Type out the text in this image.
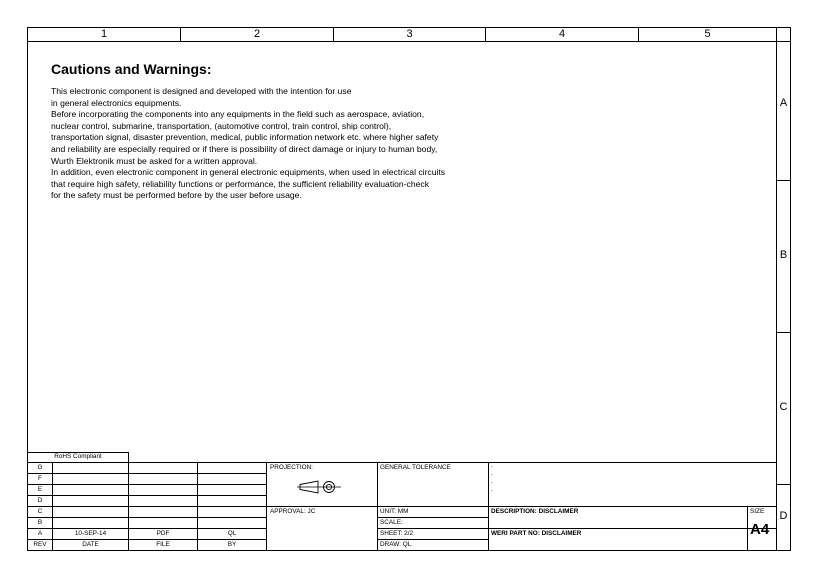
1	2	3	4	5
A
B
C
D
Cautions and Warnings:
This electronic component is designed and developed with the intention for use
in general electronics equipments.
Before incorporating the components into any equipments in the field such as aerospace, aviation,
nuclear control, submarine, transportation, (automotive control, train control, ship control),
transportation signal, disaster prevention, medical, public information network etc. where higher safety
and reliability are especially required or if there is possibility of direct damage or injury to human body,
Wurth Elektronik must be asked for a written approval.
In addition, even electronic component in general electronic equipments, when used in electrical circuits
that require high safety, reliability functions or performance, the sufficient reliability evaluation-check
for the safety must be performed before by the user before usage.
RoHS Compliant
G
F
E
D
C
B
A	10-SEP-14	PDF	QL
REV	DATE	FILE	BY
PROJECTION:
APPROVAL: JC
GENERAL TOLERANCE	.
.
.
.
UNIT: MM
SCALE:
SHEET: 2/2
DRAW: QL
DESCRIPTION: DISCLAIMER
WERI PART NO: DISCLAIMER
SIZE
A4
